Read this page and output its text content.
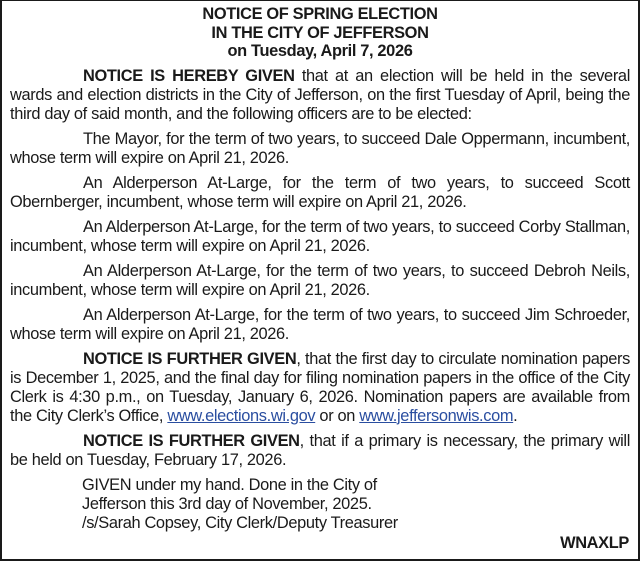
NOTICE OF SPRING ELECTION
IN THE CITY OF JEFFERSON
on Tuesday, April 7, 2026

NOTICE IS HEREBY GIVEN that at an election will be held in the several wards and election districts in the City of Jefferson, on the first Tuesday of April, being the third day of said month, and the following officers are to be elected:

The Mayor, for the term of two years, to succeed Dale Oppermann, incumbent, whose term will expire on April 21, 2026.

An Alderperson At-Large, for the term of two years, to succeed Scott Obernberger, incumbent, whose term will expire on April 21, 2026.

An Alderperson At-Large, for the term of two years, to succeed Corby Stallman, incumbent, whose term will expire on April 21, 2026.

An Alderperson At-Large, for the term of two years, to succeed Debroh Neils, incumbent, whose term will expire on April 21, 2026.

An Alderperson At-Large, for the term of two years, to succeed Jim Schroeder, whose term will expire on April 21, 2026.

NOTICE IS FURTHER GIVEN, that the first day to circulate nomination papers is December 1, 2025, and the final day for filing nomination papers in the office of the City Clerk is 4:30 p.m., on Tuesday, January 6, 2026. Nomination papers are available from the City Clerk’s Office, www.elections.wi.gov or on www.jeffersonwis.com.

NOTICE IS FURTHER GIVEN, that if a primary is necessary, the primary will be held on Tuesday, February 17, 2026.

GIVEN under my hand. Done in the City of
Jefferson this 3rd day of November, 2025.
/s/Sarah Copsey, City Clerk/Deputy Treasurer
WNAXLP
